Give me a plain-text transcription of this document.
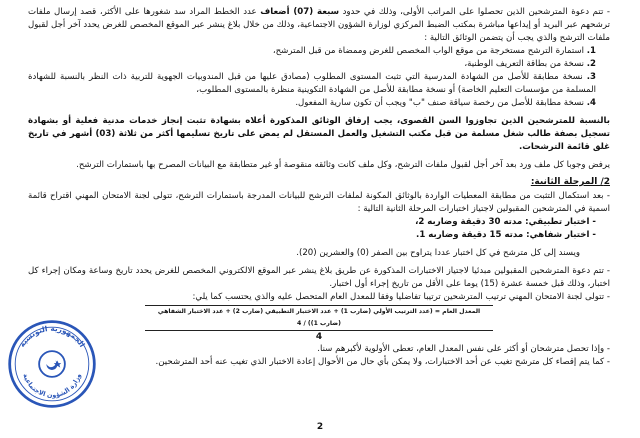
- تتم دعوة المترشحين الذين تحصلوا على المراتب الأولى، وذلك في حدود سبعة (07) أضعاف عدد الخطط المراد سد شغورها على الأكثر، قصد إرسال ملفات ترشحهم عبر البريد أو إيداعها مباشرة بمكتب الضبط المركزي لوزارة الشؤون الاجتماعية، وذلك من خلال بلاغ ينشر عبر الموقع المخصص للغرض يحدد آخر أجل لقبول ملفات الترشح والذي يجب أن يتضمن الوثائق التالية :

1. استمارة الترشح مستخرجة من موقع الواب المخصص للغرض وممضاة من قبل المترشح،

2. نسخة من بطاقة التعريف الوطنية،

3. نسخة مطابقة للأصل من الشهادة المدرسية التي تثبت المستوى المطلوب (مصادق عليها من قبل المندوبيات الجهوية للتربية ذات النظر بالنسبة للشهادة المسلمة من مؤسسات التعليم الخاصة) أو نسخة مطابقة للأصل من الشهادة التكوينية منظرة بالمستوى المطلوب،

4. نسخة مطابقة للأصل من رخصة سياقة صنف "ب" ويجب أن تكون سارية المفعول.

بالنسبة للمترشحين الذين تجاوزوا السن القصوى، يجب إرفاق الوثائق المذكورة أعلاه بشهادة تثبت إنجاز خدمات مدنية فعلية أو بشهادة تسجيل بصفة طالب شغل مسلمة من قبل مكتب التشغيل والعمل المستقل لم يمض على تاريخ تسليمها أكثر من ثلاثة (03) أشهر في تاريخ غلق قائمة الترشحات.

يرفض وجوبا كل ملف ورد بعد آخر أجل لقبول ملفات الترشح، وكل ملف كانت وثائقه منقوصة أو غير متطابقة مع البيانات المصرح بها باستمارات الترشح.

2/ المرحلة الثانية:

- بعد استكمال التثبت من مطابقة المعطيات الواردة بالوثائق المكونة لملفات الترشح للبيانات المدرجة باستمارات الترشح، تتولى لجنة الامتحان المهني اقتراح قائمة اسمية في المترشحين المقبولين لاجتياز اختبارات المرحلة الثانية التالية :

- اختبار تطبيقي: مدته 30 دقيقة وضاربه 2،

- اختبار شفاهي: مدته 15 دقيقة وضاربه 1.

ويسند إلى كل مترشح في كل اختبار عددا يتراوح بين الصفر (0) والعشرين (20).

- تتم دعوة المترشحين المقبولين مبدئيا لاجتياز الاختبارات المذكورة عن طريق بلاغ ينشر عبر الموقع الالكتروني المخصص للغرض يحدد تاريخ وساعة ومكان إجراء كل اختبار، وذلك قبل خمسة عشرة (15) يوما على الأقل من تاريخ إجراء أول اختبار.

- تتولى لجنة الامتحان المهني ترتيب المترشحين ترتيبا تفاضليا وفقا للمعدل العام المتحصل عليه والذي يحتسب كما يلي:

المعدل العام = (عدد الترتيب الأولي (ضارب 1) + عدد الاختبار التطبيقي (ضارب 2) + عدد الاختبار الشفاهي (ضارب 1)) / 4
4

- وإذا تحصل مترشحان أو أكثر على نفس المعدل العام، تعطى الأولوية لأكبرهم سنا.

- كما يتم إقصاء كل مترشح تغيب عن أحد الاختبارات، ولا يمكن بأي حال من الأحوال إعادة الاختبار الذي تغيب عنه أحد المترشحين.

الجمهورية التونسية
وزارة الشؤون الاجتماعية
2
